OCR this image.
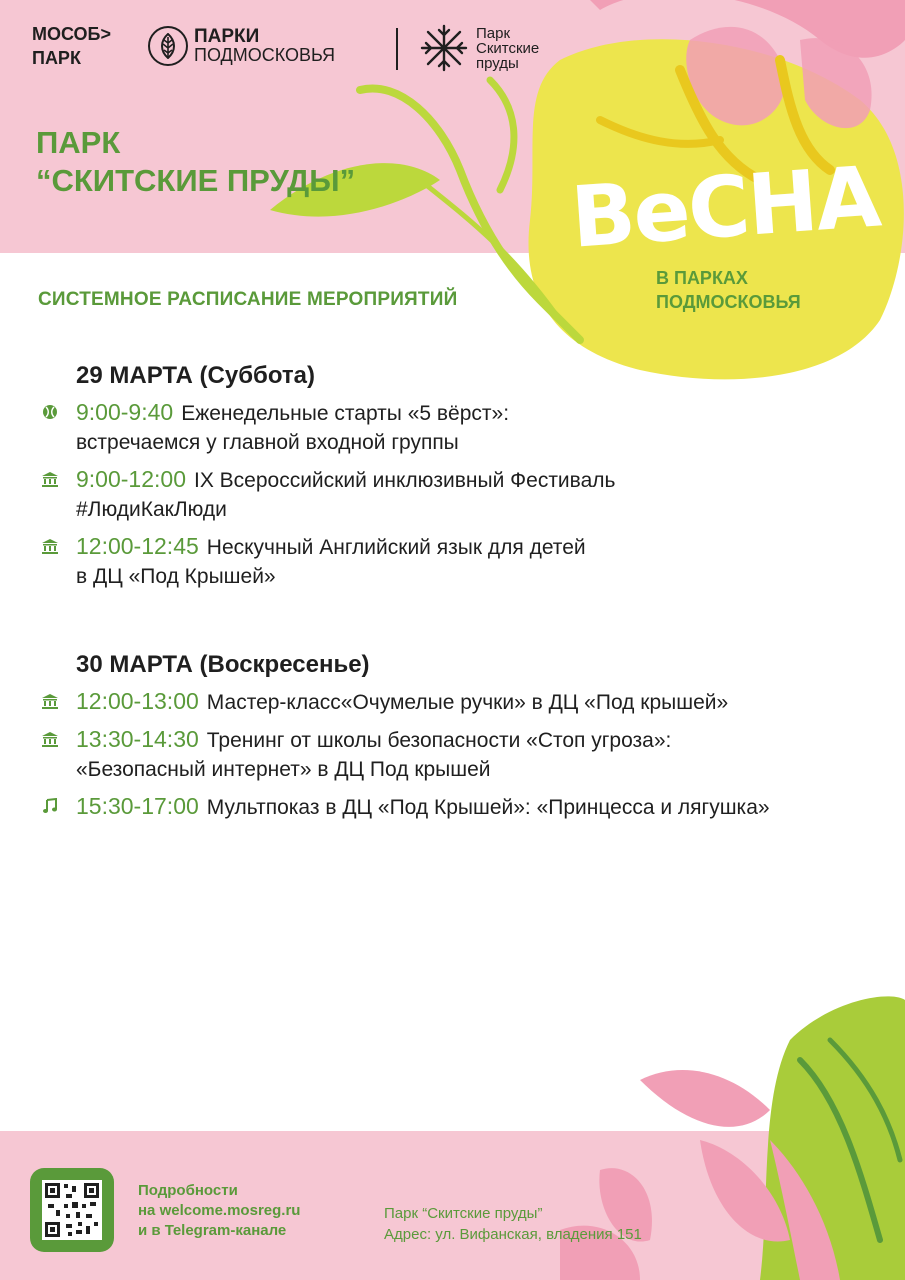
МОСОБ>
ПАРК
ПАРКИ
ПОДМОСКОВЬЯ
Парк
Скитские
пруды
ПАРК
“СКИТСКИЕ ПРУДЫ”
СИСТЕМНОЕ РАСПИСАНИЕ МЕРОПРИЯТИЙ
ВеСНА
В ПАРКАХ
ПОДМОСКОВЬЯ
29 МАРТА (Суббота)
9:00-9:40 Еженедельные старты «5 вёрст»:
встречаемся у главной входной группы
9:00-12:00 IX Всероссийский инклюзивный Фестиваль
#ЛюдиКакЛюди
12:00-12:45 Нескучный Английский язык для детей
в ДЦ «Под Крышей»
30 МАРТА (Воскресенье)
12:00-13:00 Мастер-класс«Очумелые ручки» в ДЦ «Под крышей»
13:30-14:30 Тренинг от школы безопасности «Стоп угроза»:
«Безопасный интернет» в ДЦ Под крышей
15:30-17:00 Мультпоказ в ДЦ «Под Крышей»: «Принцесса и лягушка»
Подробности
на welcome.mosreg.ru
и в Telegram-канале
Парк “Скитские пруды”
Адрес: ул. Вифанская, владения 151
